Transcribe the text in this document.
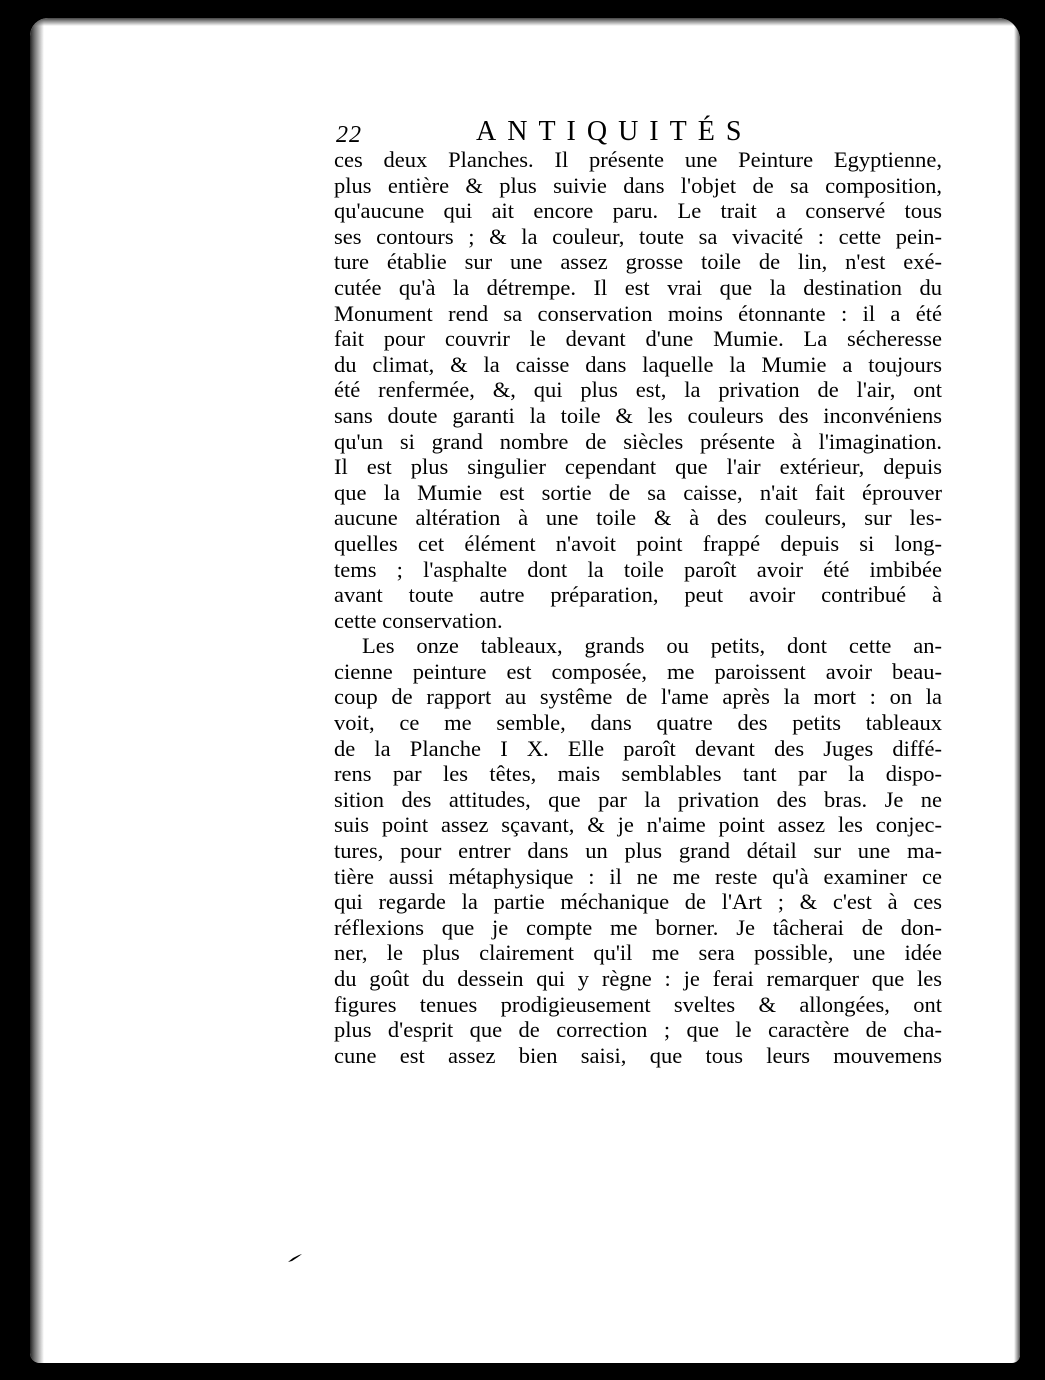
22	ANTIQUITÉS
ces deux Planches. Il présente une Peinture Egyptienne,
plus entière & plus suivie dans l'objet de sa composition,
qu'aucune qui ait encore paru. Le trait a conservé tous
ses contours ; & la couleur, toute sa vivacité : cette pein-
ture établie sur une assez grosse toile de lin, n'est exé-
cutée qu'à la détrempe. Il est vrai que la destination du
Monument rend sa conservation moins étonnante : il a été
fait pour couvrir le devant d'une Mumie. La sécheresse
du climat, & la caisse dans laquelle la Mumie a toujours
été renfermée, &, qui plus est, la privation de l'air, ont
sans doute garanti la toile & les couleurs des inconvéniens
qu'un si grand nombre de siècles présente à l'imagination.
Il est plus singulier cependant que l'air extérieur, depuis
que la Mumie est sortie de sa caisse, n'ait fait éprouver
aucune altération à une toile & à des couleurs, sur les-
quelles cet élément n'avoit point frappé depuis si long-
tems ; l'asphalte dont la toile paroît avoir été imbibée
avant toute autre préparation, peut avoir contribué à
cette conservation.
Les onze tableaux, grands ou petits, dont cette an-
cienne peinture est composée, me paroissent avoir beau-
coup de rapport au systême de l'ame après la mort : on la
voit, ce me semble, dans quatre des petits tableaux
de la Planche I X. Elle paroît devant des Juges diffé-
rens par les têtes, mais semblables tant par la dispo-
sition des attitudes, que par la privation des bras. Je ne
suis point assez sçavant, & je n'aime point assez les conjec-
tures, pour entrer dans un plus grand détail sur une ma-
tière aussi métaphysique : il ne me reste qu'à examiner ce
qui regarde la partie méchanique de l'Art ; & c'est à ces
réflexions que je compte me borner. Je tâcherai de don-
ner, le plus clairement qu'il me sera possible, une idée
du goût du dessein qui y règne : je ferai remarquer que les
figures tenues prodigieusement sveltes & allongées, ont
plus d'esprit que de correction ; que le caractère de cha-
cune est assez bien saisi, que tous leurs mouvemens
